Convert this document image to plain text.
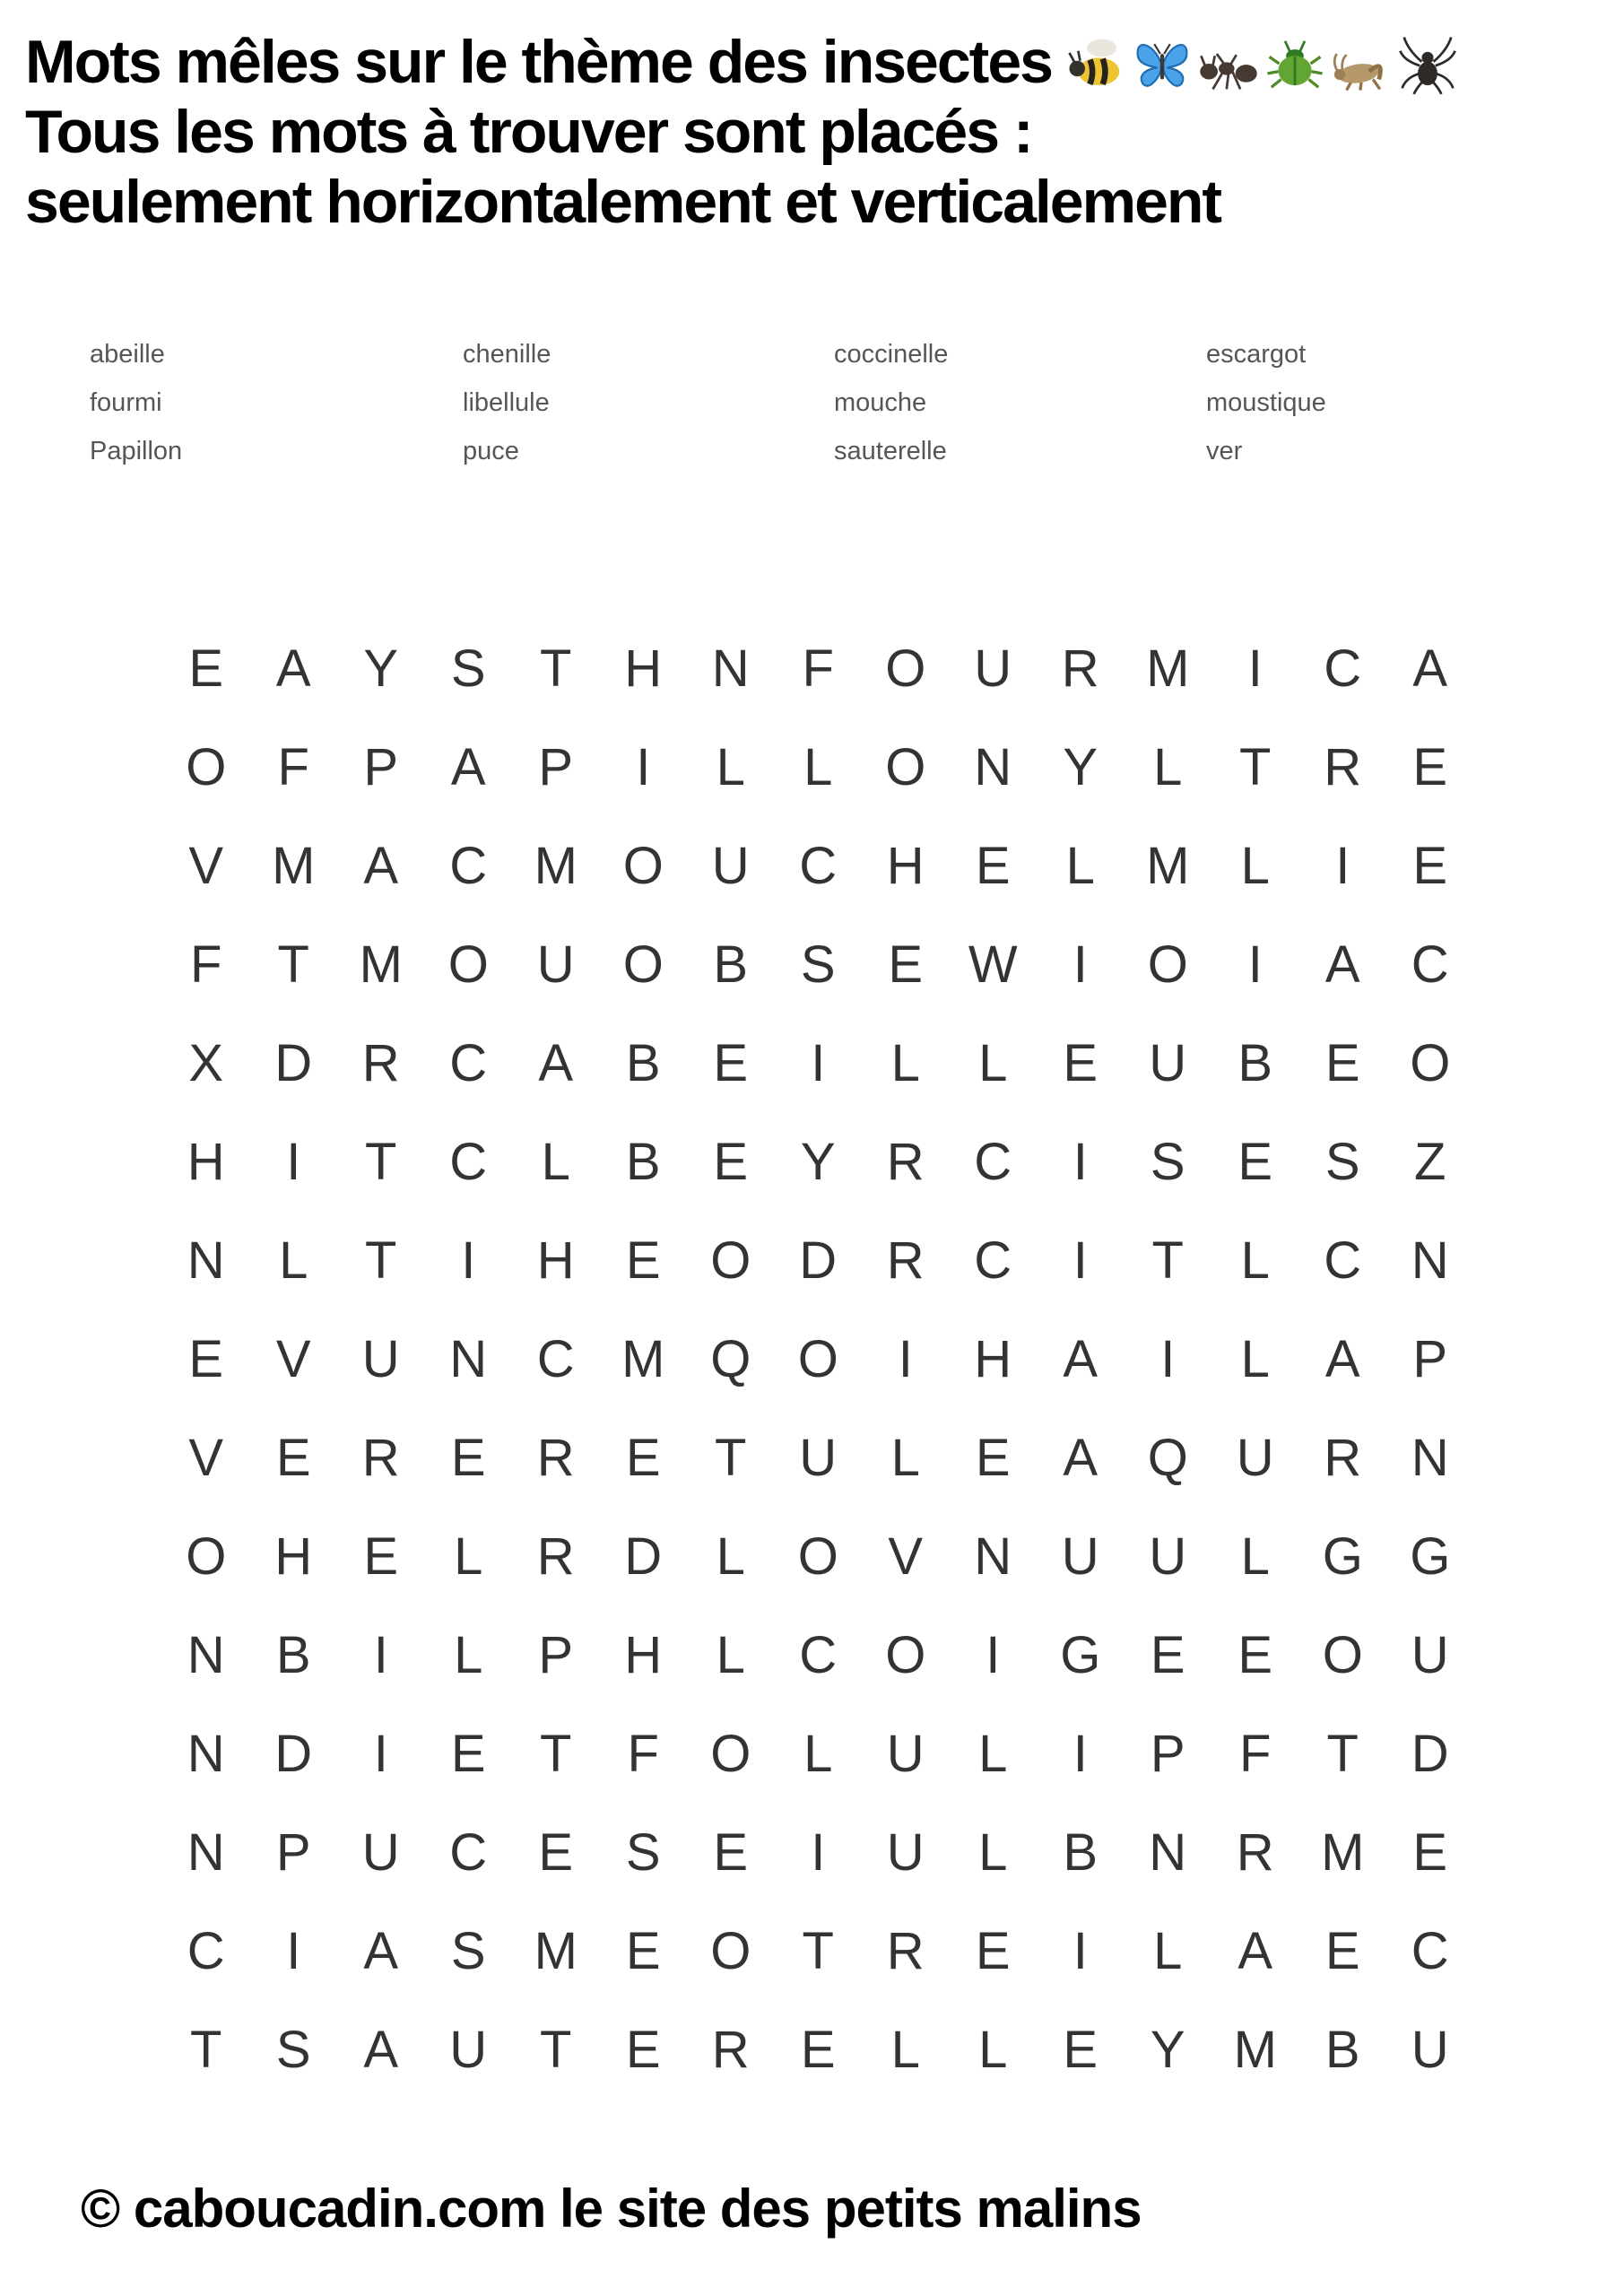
Mots mêles sur le thème des insectes
Tous les mots à trouver sont placés :
seulement horizontalement et verticalement
abeille
fourmi
Papillon
chenille
libellule
puce
coccinelle
mouche
sauterelle
escargot
moustique
ver
E	A	Y	S	T	H N	F O U R M	I	C A
O F	P	A	P	I	L	L	O N Y	L	T	R E
V M A C M O U C H E	L M L	I	E
F	T M O U O B	S	E W	I	O	I	A C
X D R C A	B	E	I	L	L	E U B	E O
H	I	T	C	L	B	E	Y R C	I	S	E	S	Z
N	L	T	I	H E O D R C	I	T	L	C N
E	V U N C M Q O	I	H A	I	L	A	P
V	E R E R E	T	U	L	E	A Q U R N
O H E	L	R D	L	O V N U U	L	G G
N B	I	L	P H	L	C O	I	G E	E O U
N D	I	E	T	F O	L	U	L	I	P	F	T	D
N P U C E	S	E	I	U	L	B N R M E
C	I	A	S M E O T	R E	I	L	A	E C
T	S	A U	T	E R E	L	L	E	Y M B U
© caboucadin.com le site des petits malins
